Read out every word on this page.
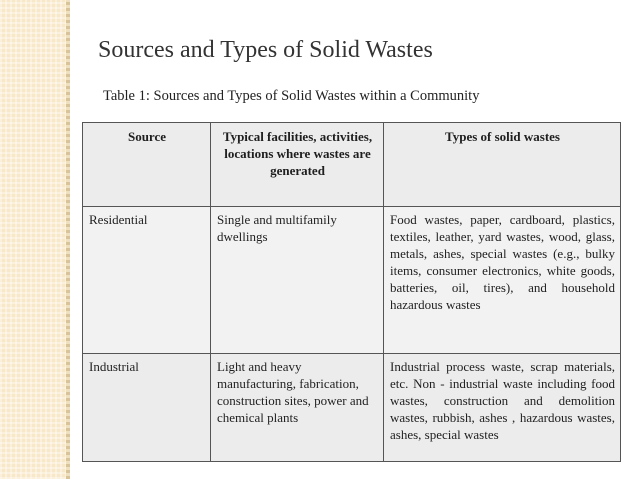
Sources and Types of Solid Wastes

Table 1: Sources and Types of Solid Wastes within a Community

Source	Typical facilities, activities, locations where wastes are generated	Types of solid wastes
Residential	Single and multifamily dwellings	Food wastes, paper, cardboard, plastics, textiles, leather, yard wastes, wood, glass, metals, ashes, special wastes (e.g., bulky items, consumer electronics, white goods, batteries, oil, tires), and household hazardous wastes
Industrial	Light and heavy manufacturing, fabrication, construction sites, power and chemical plants	Industrial process waste, scrap materials, etc. Non - industrial waste including food wastes, construction and demolition wastes, rubbish, ashes , hazardous wastes, ashes, special wastes
